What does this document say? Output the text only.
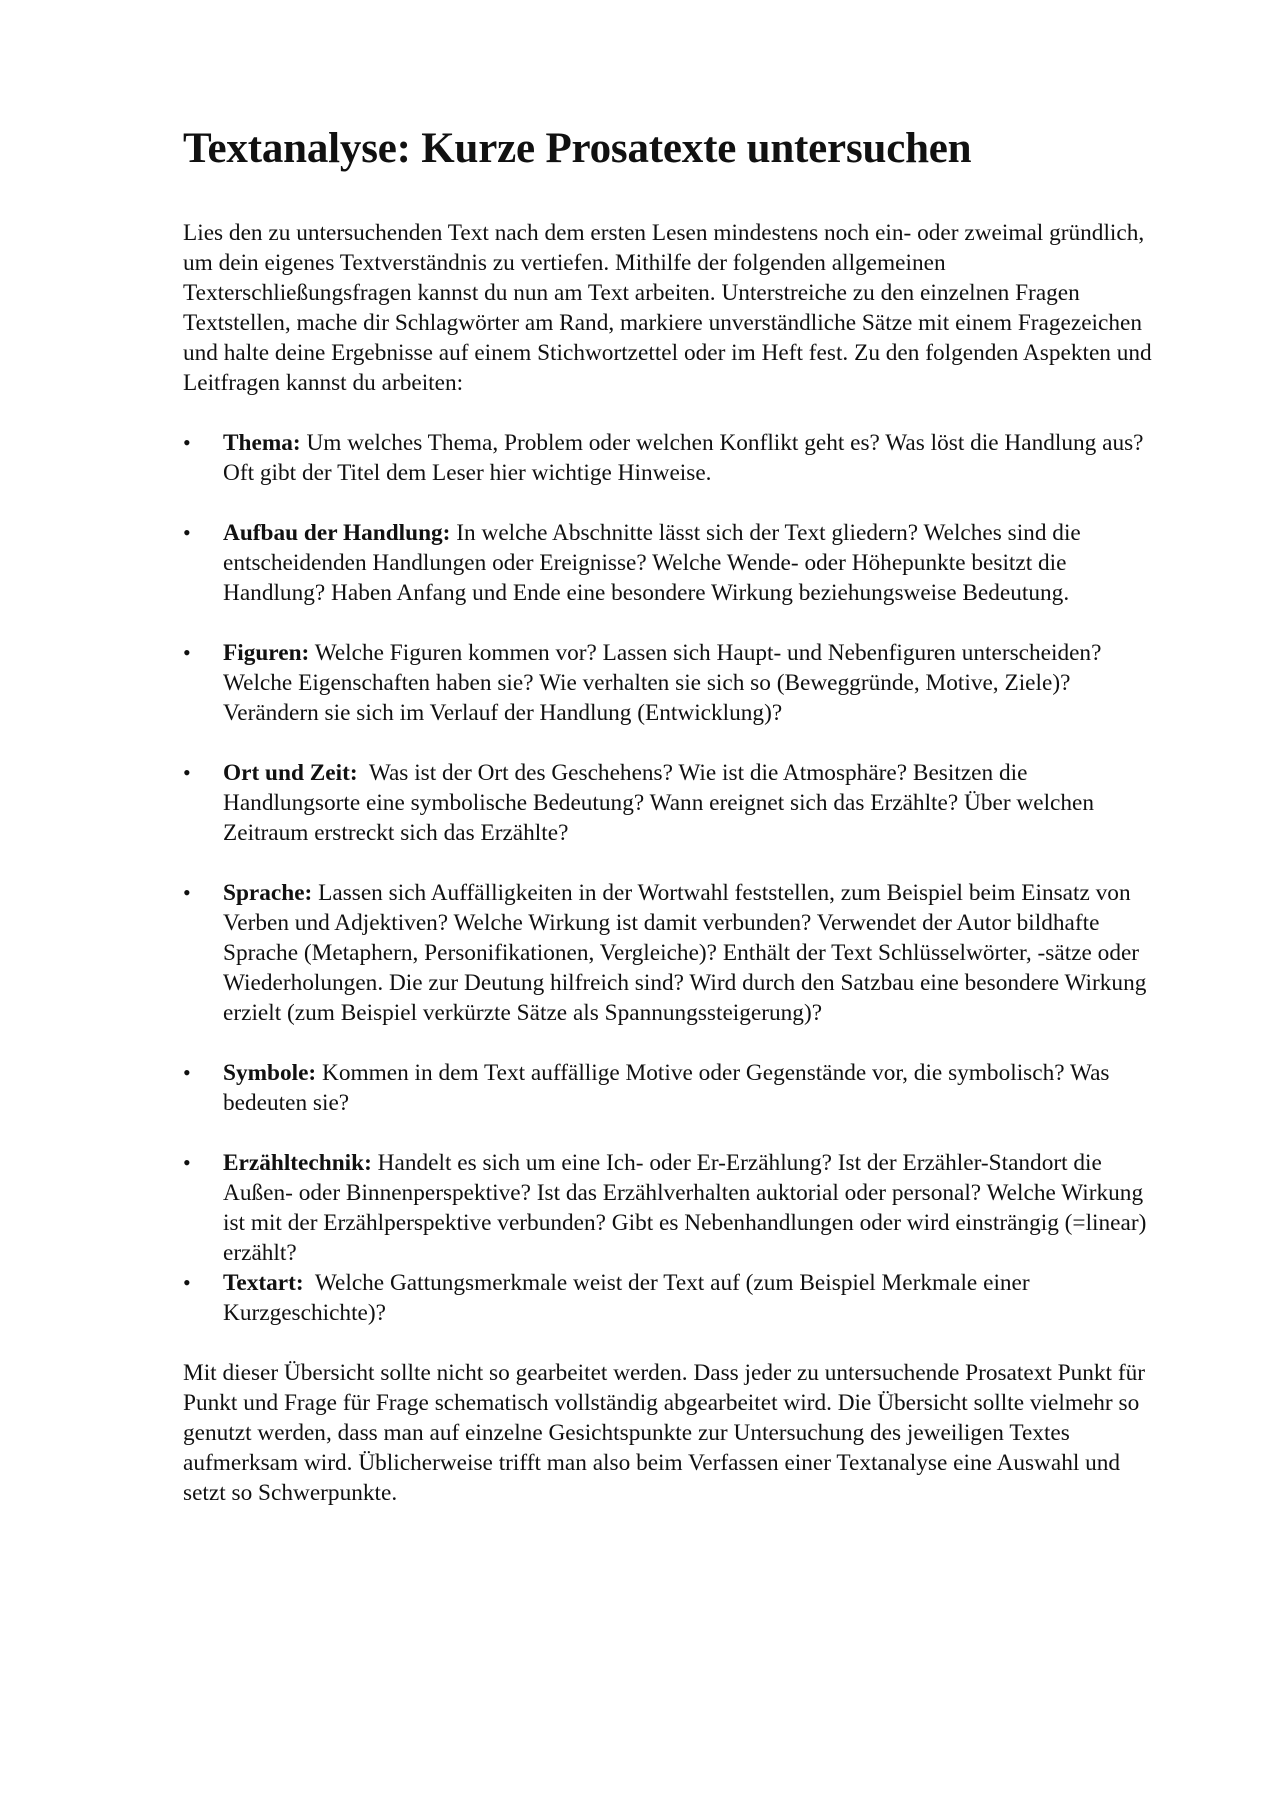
Textanalyse: Kurze Prosatexte untersuchen

Lies den zu untersuchenden Text nach dem ersten Lesen mindestens noch ein- oder zweimal gründlich, um dein eigenes Textverständnis zu vertiefen. Mithilfe der folgenden allgemeinen Texterschließungsfragen kannst du nun am Text arbeiten. Unterstreiche zu den einzelnen Fragen Textstellen, mache dir Schlagwörter am Rand, markiere unverständliche Sätze mit einem Fragezeichen und halte deine Ergebnisse auf einem Stichwortzettel oder im Heft fest. Zu den folgenden Aspekten und Leitfragen kannst du arbeiten:

•	Thema: Um welches Thema, Problem oder welchen Konflikt geht es? Was löst die Handlung aus? Oft gibt der Titel dem Leser hier wichtige Hinweise.
•	Aufbau der Handlung: In welche Abschnitte lässt sich der Text gliedern? Welches sind die entscheidenden Handlungen oder Ereignisse? Welche Wende- oder Höhepunkte besitzt die Handlung? Haben Anfang und Ende eine besondere Wirkung beziehungsweise Bedeutung.
•	Figuren: Welche Figuren kommen vor? Lassen sich Haupt- und Nebenfiguren unterscheiden? Welche Eigenschaften haben sie? Wie verhalten sie sich so (Beweggründe, Motive, Ziele)? Verändern sie sich im Verlauf der Handlung (Entwicklung)?
•	Ort und Zeit:  Was ist der Ort des Geschehens? Wie ist die Atmosphäre? Besitzen die Handlungsorte eine symbolische Bedeutung? Wann ereignet sich das Erzählte? Über welchen Zeitraum erstreckt sich das Erzählte?
•	Sprache: Lassen sich Auffälligkeiten in der Wortwahl feststellen, zum Beispiel beim Einsatz von Verben und Adjektiven? Welche Wirkung ist damit verbunden? Verwendet der Autor bildhafte Sprache (Metaphern, Personifikationen, Vergleiche)? Enthält der Text Schlüsselwörter, -sätze oder Wiederholungen. Die zur Deutung hilfreich sind? Wird durch den Satzbau eine besondere Wirkung erzielt (zum Beispiel verkürzte Sätze als Spannungssteigerung)?
•	Symbole: Kommen in dem Text auffällige Motive oder Gegenstände vor, die symbolisch? Was bedeuten sie?
•	Erzähltechnik: Handelt es sich um eine Ich- oder Er-Erzählung? Ist der Erzähler-Standort die Außen- oder Binnenperspektive? Ist das Erzählverhalten auktorial oder personal? Welche Wirkung ist mit der Erzählperspektive verbunden? Gibt es Nebenhandlungen oder wird einsträngig (=linear) erzählt?
•	Textart:  Welche Gattungsmerkmale weist der Text auf (zum Beispiel Merkmale einer Kurzgeschichte)?

Mit dieser Übersicht sollte nicht so gearbeitet werden. Dass jeder zu untersuchende Prosatext Punkt für Punkt und Frage für Frage schematisch vollständig abgearbeitet wird. Die Übersicht sollte vielmehr so genutzt werden, dass man auf einzelne Gesichtspunkte zur Untersuchung des jeweiligen Textes aufmerksam wird. Üblicherweise trifft man also beim Verfassen einer Textanalyse eine Auswahl und setzt so Schwerpunkte.
